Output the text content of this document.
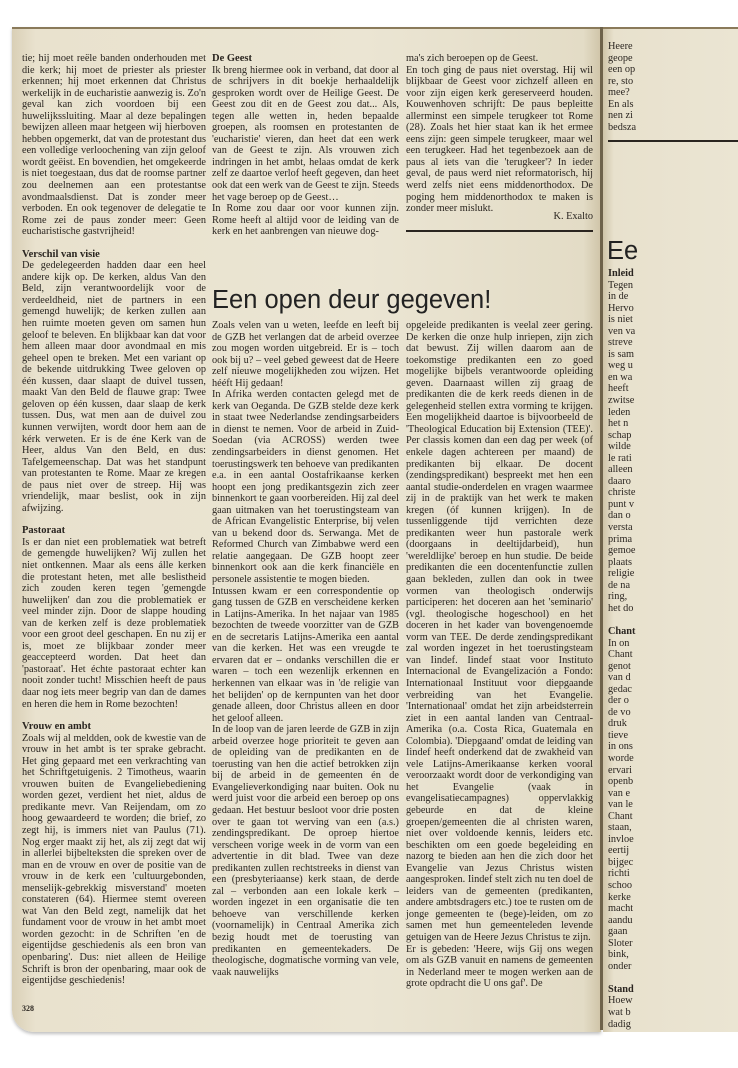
tie; hij moet reële banden onderhouden met die kerk; hij moet de priester als priester erkennen; hij moet erkennen dat Christus werkelijk in de eucharistie aanwezig is. Zo'n geval kan zich voordoen bij een huwelijkssluiting. Maar al deze bepalingen bewijzen alleen maar hetgeen wij hierboven hebben opgemerkt, dat van de protestant dus een volledige verloochening van zijn geloof wordt geëist. En bovendien, het omgekeerde is niet toegestaan, dus dat de roomse partner zou deelnemen aan een protestantse avondmaalsdienst. Dat is zonder meer verboden. En ook tegenover de delegatie te Rome zei de paus zonder meer: Geen eucharistische gastvrijheid!

Verschil van visie

De gedelegeerden hadden daar een heel andere kijk op. De kerken, aldus Van den Beld, zijn verantwoordelijk voor de verdeeldheid, niet de partners in een gemengd huwelijk; de kerken zullen aan hen ruimte moeten geven om samen hun geloof te beleven. En blijkbaar kan dat voor hem alleen maar door avondmaal en mis geheel open te breken. Met een variant op de bekende uitdrukking Twee geloven op één kussen, daar slaapt de duivel tussen, maakt Van den Beld de flauwe grap: Twee geloven op één kussen, daar slaap de kerk tussen. Dus, wat men aan de duivel zou kunnen verwijten, wordt door hem aan de kérk verweten. Er is de éne Kerk van de Heer, aldus Van den Beld, en dus: Tafelgemeenschap. Dat was het standpunt van protestanten te Rome. Maar ze kregen de paus niet over de streep. Hij was vriendelijk, maar beslist, ook in zijn afwijzing.

Pastoraat

Is er dan niet een problematiek wat betreft de gemengde huwelijken? Wij zullen het niet ontkennen. Maar als eens álle kerken die protestant heten, met alle beslistheid zich zouden keren tegen 'gemengde huwelijken' dan zou die problematiek er veel minder zijn. Door de slappe houding van de kerken zelf is deze problematiek voor een groot deel geschapen. En nu zij er is, moet ze blijkbaar zonder meer geaccepteerd worden. Dat heet dan 'pastoraat'. Het échte pastoraat echter kan nooit zonder tucht! Misschien heeft de paus daar nog iets meer begrip van dan de dames en heren die hem in Rome bezochten!

Vrouw en ambt

Zoals wij al meldden, ook de kwestie van de vrouw in het ambt is ter sprake gebracht. Het ging gepaard met een verkrachting van het Schriftgetuigenis. 2 Timotheus, waarin vrouwen buiten de Evangeliebediening worden gezet, verdient het niet, aldus de predikante mevr. Van Reijendam, om zo hoog gewaardeerd te worden; die brief, zo zegt hij, is immers niet van Paulus (71). Nog erger maakt zij het, als zij zegt dat wij in allerlei bijbelteksten die spreken over de man en de vrouw en over de positie van de vrouw in de kerk een 'cultuurgebonden, menselijk-gebrekkig misverstand' moeten constateren (64). Hiermee stemt overeen wat Van den Beld zegt, namelijk dat het fundament voor de vrouw in het ambt moet worden gezocht: in de Schriften 'en de eigentijdse geschiedenis als een bron van openbaring'. Dus: niet alleen de Heilige Schrift is bron der openbaring, maar ook de eigentijdse geschiedenis!

328
De Geest

Ik breng hiermee ook in verband, dat door al de schrijvers in dit boekje herhaaldelijk gesproken wordt over de Heilige Geest. De Geest zou dit en de Geest zou dat... Als, tegen alle wetten in, heden bepaalde groepen, als roomsen en protestanten de 'eucharistie' vieren, dan heet dat een werk van de Geest te zijn. Als vrouwen zich indringen in het ambt, helaas omdat de kerk zelf ze daartoe verlof heeft gegeven, dan heet ook dat een werk van de Geest te zijn. Steeds het vage beroep op de Geest…

In Rome zou daar oor voor kunnen zijn. Rome heeft al altijd voor de leiding van de kerk en het aanbrengen van nieuwe dog-

ma's zich beroepen op de Geest.

En toch ging de paus niet overstag. Hij wil blijkbaar de Geest voor zichzelf alleen en voor zijn eigen kerk gereserveerd houden. Kouwenhoven schrijft: De paus bepleitte allerminst een simpele terugkeer tot Rome (28). Zoals het hier staat kan ik het ermee eens zijn: geen simpele terugkeer, maar wel een terugkeer. Had het tegenbezoek aan de paus al iets van die 'terugkeer'? In ieder geval, de paus werd niet reformatorisch, hij werd zelfs niet eens middenorthodox. De poging hem middenorthodox te maken is zonder meer mislukt.

K. Exalto
Een open deur gegeven!

Zoals velen van u weten, leefde en leeft bij de GZB het verlangen dat de arbeid overzee zou mogen worden uitgebreid. Er is – toch ook bij u? – veel gebed geweest dat de Heere zelf nieuwe mogelijkheden zou wijzen. Het hééft Hij gedaan!

In Afrika werden contacten gelegd met de kerk van Oeganda. De GZB stelde deze kerk in staat twee Nederlandse zendingsarbeiders in dienst te nemen. Voor de arbeid in Zuid-Soedan (via ACROSS) werden twee zendingsarbeiders in dienst genomen. Het toerustingswerk ten behoeve van predikanten e.a. in een aantal Oostafrikaanse kerken hoopt een jong predikantsgezin zich zeer binnenkort te gaan voorbereiden. Hij zal deel gaan uitmaken van het toerustingsteam van de African Evangelistic Enterprise, bij velen van u bekend door ds. Serwanga. Met de Reformed Church van Zimbabwe werd een relatie aangegaan. De GZB hoopt zeer binnenkort ook aan die kerk financiële en personele assistentie te mogen bieden.

Intussen kwam er een correspondentie op gang tussen de GZB en verscheidene kerken in Latijns-Amerika. In het najaar van 1985 bezochten de tweede voorzitter van de GZB en de secretaris Latijns-Amerika een aantal van die kerken. Het was een vreugde te ervaren dat er – ondanks verschillen die er waren – toch een wezenlijk erkennen en herkennen van elkaar was in 'de religie van het belijden' op de kernpunten van het door genade alleen, door Christus alleen en door het geloof alleen.

In de loop van de jaren leerde de GZB in zijn arbeid overzee hoge prioriteit te geven aan de opleiding van de predikanten en de toerusting van hen die actief betrokken zijn bij de arbeid in de gemeenten én de Evangelieverkondiging naar buiten. Ook nu werd juist voor die arbeid een beroep op ons gedaan. Het bestuur besloot voor drie posten over te gaan tot werving van een (a.s.) zendingspredikant. De oproep hiertoe verscheen vorige week in de vorm van een advertentie in dit blad. Twee van deze predikanten zullen rechtstreeks in dienst van een (presbyteriaanse) kerk staan, de derde zal – verbonden aan een lokale kerk – worden ingezet in een organisatie die ten behoeve van verschillende kerken (voornamelijk) in Centraal Amerika zich bezig houdt met de toerusting van predikanten en gemeentekaders. De theologische, dogmatische vorming van vele, vaak nauwelijks

opgeleide predikanten is veelal zeer gering. De kerken die onze hulp inriepen, zijn zich dat bewust. Zij willen daarom aan de toekomstige predikanten een zo goed mogelijke bijbels verantwoorde opleiding geven. Daarnaast willen zij graag de predikanten die de kerk reeds dienen in de gelegenheid stellen extra vorming te krijgen. Een mogelijkheid daartoe is bijvoorbeeld de 'Theological Education bij Extension (TEE)'. Per classis komen dan een dag per week (of enkele dagen achtereen per maand) de predikanten bij elkaar. De docent (zendingspredikant) bespreekt met hen een aantal studie-onderdelen en vragen waarmee zij in de praktijk van het werk te maken kregen (óf kunnen krijgen). In de tussenliggende tijd verrichten deze predikanten weer hun pastorale werk (doorgaans in deeltijdarbeid), hun 'wereldlijke' beroep en hun studie. De beide predikanten die een docentenfunctie zullen gaan bekleden, zullen dan ook in twee vormen van theologisch onderwijs participeren: het doceren aan het 'seminario' (vgl. theologische hogeschool) en het doceren in het kader van bovengenoemde vorm van TEE. De derde zendingspredikant zal worden ingezet in het toerustingsteam van Iindef. Iindef staat voor Instituto Internacional de Evangelización a Fondo: Internationaal Instituut voor diepgaande verbreiding van het Evangelie. 'Internationaal' omdat het zijn arbeidsterrein ziet in een aantal landen van Centraal-Amerika (o.a. Costa Rica, Guatemala en Colombia). 'Diepgaand' omdat de leiding van Iindef heeft onderkend dat de zwakheid van vele Latijns-Amerikaanse kerken vooral veroorzaakt wordt door de verkondiging van het Evangelie (vaak in evangelisatiecampagnes) oppervlakkig gebeurde en dat de kleine groepen/gemeenten die al christen waren, niet over voldoende kennis, leiders etc. beschikten om een goede begeleiding en nazorg te bieden aan hen die zich door het Evangelie van Jezus Christus wisten aangesproken. Iindef stelt zich nu ten doel de leiders van de gemeenten (predikanten, andere ambtsdragers etc.) toe te rusten om de jonge gemeenten te (bege)-leiden, om zo samen met hun gemeenteleden levende getuigen van de Heere Jezus Christus te zijn.

Er is gebeden: 'Heere, wijs Gij ons wegen om als GZB vanuit en namens de gemeenten in Nederland meer te mogen werken aan de grote opdracht die U ons gaf'. De

Heere
geope
een op
re, sto
mee?
En als
nen zi
bedsza
Ee
Inleid
Tegen
in de
Hervo
is niet
ven va
streve
is sam
weg u
en wa
heeft
zwitse
leden
het n
schap
wilde
le rati
alleen
daaro
christe
punt v
dan o
versta
prima
gemoe
plaats
religie
de na
ring,
het do
Chant
In on
Chant
genot
van d
gedac
der o
de vo
druk
tieve
in ons
worde
ervari
openb
van e
van le
Chant
staan,
invloe
eertij
bijgec
richti
schoo
kerke
macht
aandu
gaan
Sloter
bink,
onder
Stand
Hoew
wat b
dadig
